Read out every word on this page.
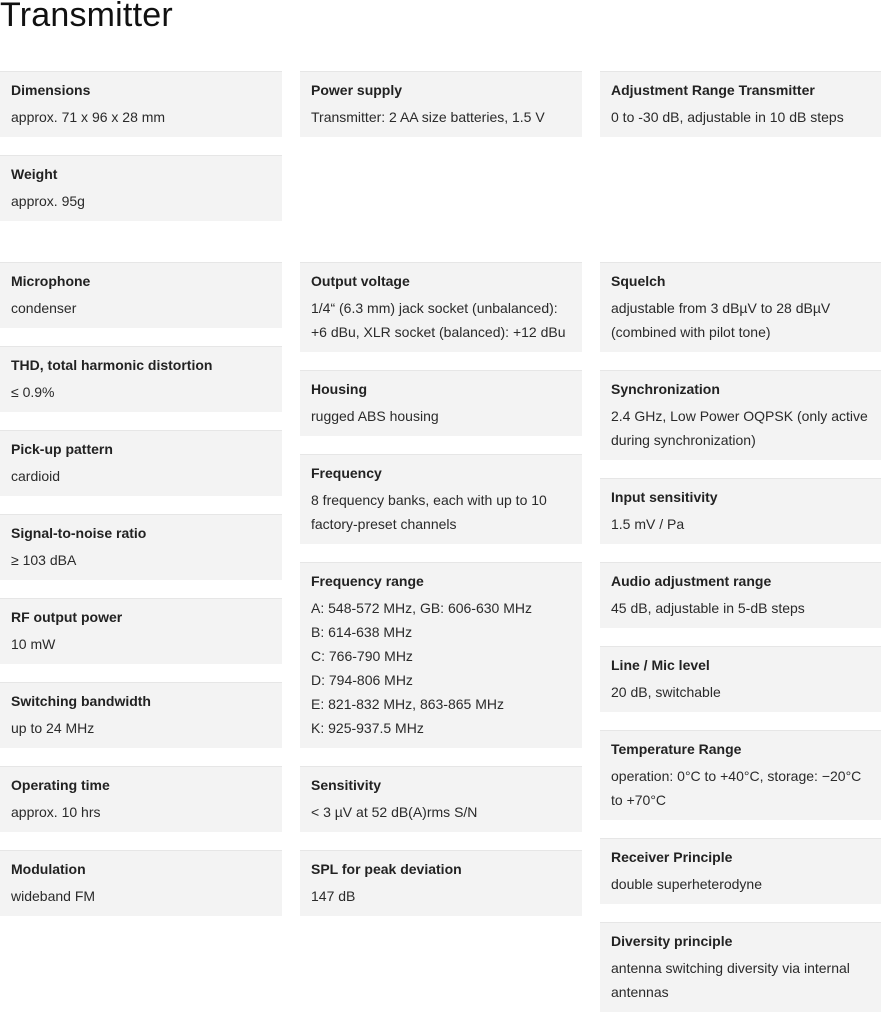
Transmitter
Dimensions
approx. 71 x 96 x 28 mm
Weight
approx. 95g
Microphone
condenser
THD, total harmonic distortion
≤ 0.9%
Pick-up pattern
cardioid
Signal-to-noise ratio
≥ 103 dBA
RF output power
10 mW
Switching bandwidth
up to 24 MHz
Operating time
approx. 10 hrs
Modulation
wideband FM
Power supply
Transmitter: 2 AA size batteries, 1.5 V
Output voltage
1/4“ (6.3 mm) jack socket (unbalanced): +6 dBu, XLR socket (balanced): +12 dBu
Housing
rugged ABS housing
Frequency
8 frequency banks, each with up to 10 factory-preset channels
Frequency range
A: 548-572 MHz, GB: 606-630 MHz
B: 614-638 MHz
C: 766-790 MHz
D: 794-806 MHz
E: 821-832 MHz, 863-865 MHz
K: 925-937.5 MHz
Sensitivity
< 3 µV at 52 dB(A)rms S/N
SPL for peak deviation
147 dB
Adjustment Range Transmitter
0 to -30 dB, adjustable in 10 dB steps
Squelch
adjustable from 3 dBµV to 28 dBµV (combined with pilot tone)
Synchronization
2.4 GHz, Low Power OQPSK (only active during synchronization)
Input sensitivity
1.5 mV / Pa
Audio adjustment range
45 dB, adjustable in 5-dB steps
Line / Mic level
20 dB, switchable
Temperature Range
operation: 0°C to +40°C, storage: −20°C to +70°C
Receiver Principle
double superheterodyne
Diversity principle
antenna switching diversity via internal antennas
